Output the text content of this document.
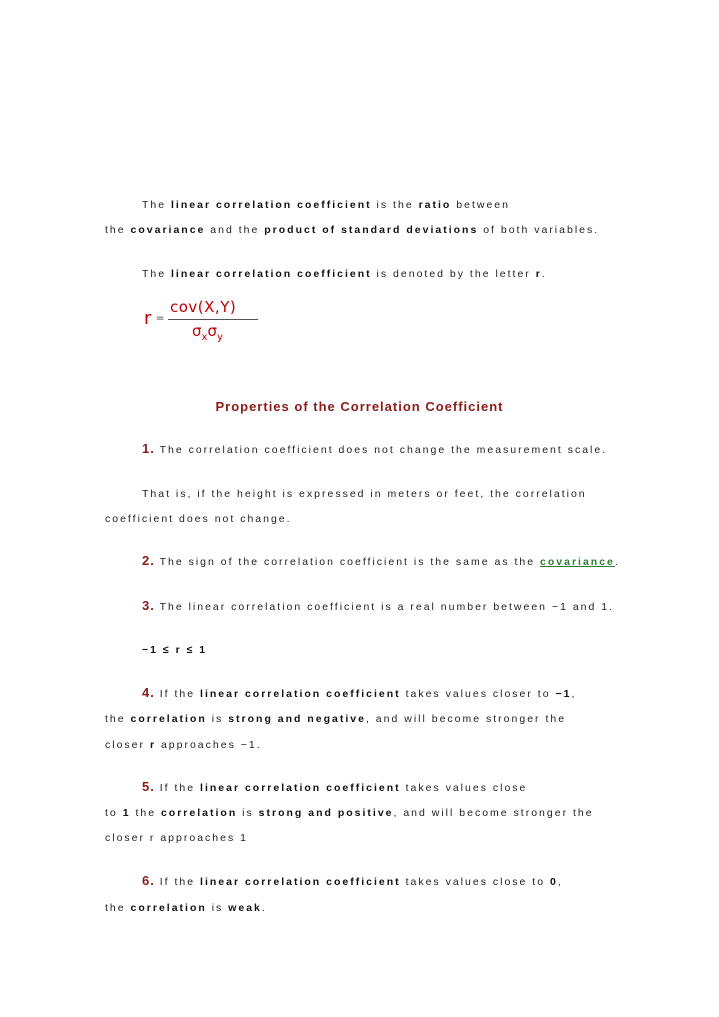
The linear correlation coefficient is the ratio between
the covariance and the product of standard deviations of both variables.
The linear correlation coefficient is denoted by the letter r.
r =
cov(X,Y)
$\sigma_x\sigma_y$
Properties of the Correlation Coefficient
1. The correlation coefficient does not change the measurement scale.
That is, if the height is expressed in meters or feet, the correlation
coefficient does not change.
2. The sign of the correlation coefficient is the same as the covariance.
3. The linear correlation coefficient is a real number between −1 and 1.
−1 ≤ r ≤ 1
4. If the linear correlation coefficient takes values closer to −1,
the correlation is strong and negative, and will become stronger the
closer r approaches −1.
5. If the linear correlation coefficient takes values close
to 1 the correlation is strong and positive, and will become stronger the
closer r approaches 1
6. If the linear correlation coefficient takes values close to 0,
the correlation is weak.
